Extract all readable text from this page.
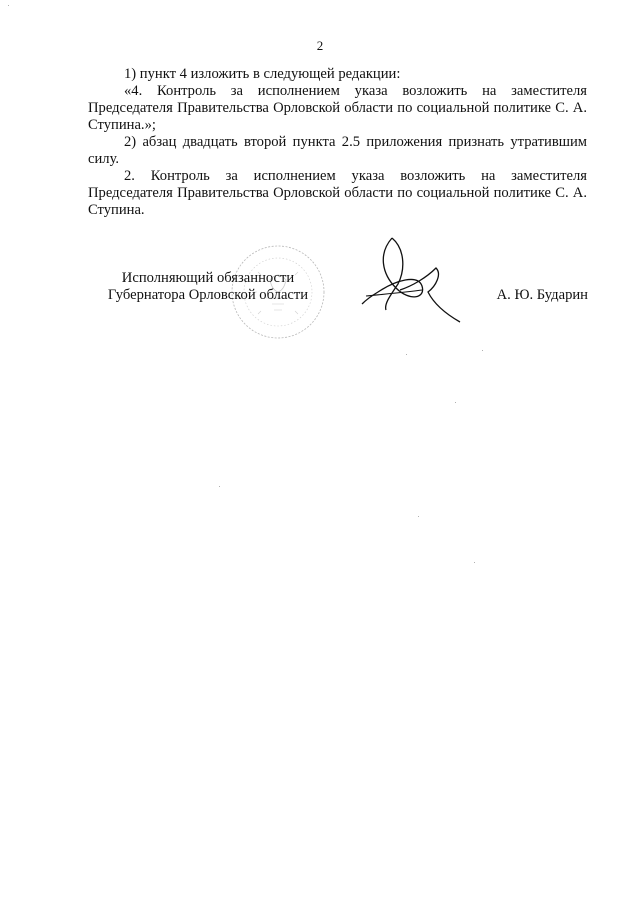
2

1) пункт 4 изложить в следующей редакции:

«4. Контроль за исполнением указа возложить на заместителя Председателя Правительства Орловской области по социальной политике С. А. Ступина.»;

2) абзац двадцать второй пункта 2.5 приложения признать утратившим силу.

2. Контроль за исполнением указа возложить на заместителя Председателя Правительства Орловской области по социальной политике С. А. Ступина.

Исполняющий обязанности
Губернатора Орловской области	А. Ю. Бударин
